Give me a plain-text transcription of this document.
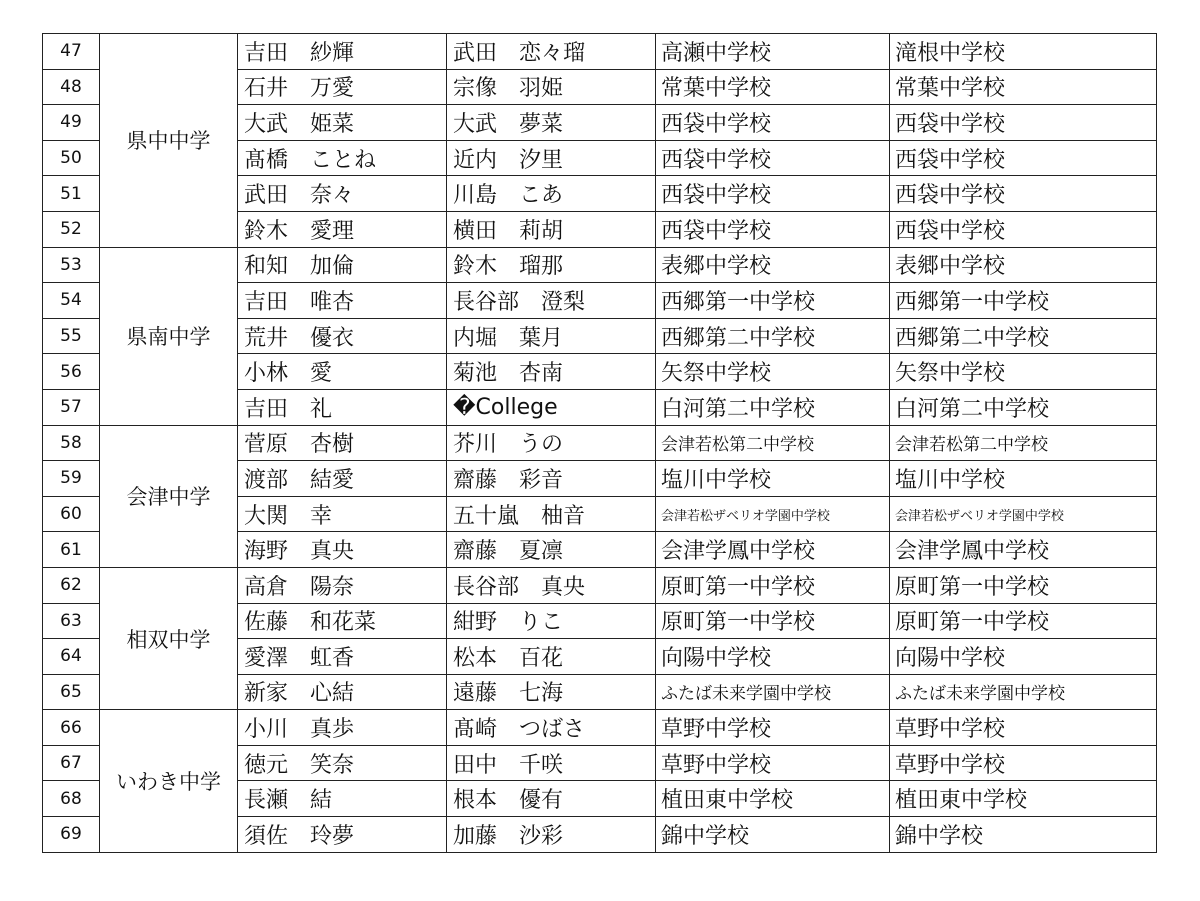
47	県中中学	吉田　紗輝	武田　恋々瑠	高瀬中学校	滝根中学校
48		石井　万愛	宗像　羽姫	常葉中学校	常葉中学校
49		大武　姫菜	大武　夢菜	西袋中学校	西袋中学校
50		髙橋　ことね	近内　汐里	西袋中学校	西袋中学校
51		武田　奈々	川島　こあ	西袋中学校	西袋中学校
52		鈴木　愛理	横田　莉胡	西袋中学校	西袋中学校
53	県南中学	和知　加倫	鈴木　瑠那	表郷中学校	表郷中学校
54		吉田　唯杏	長谷部　澄梨	西郷第一中学校	西郷第一中学校
55		荒井　優衣	内堀　葉月	西郷第二中学校	西郷第二中学校
56		小林　愛	菊池　杏南	矢祭中学校	矢祭中学校
57		吉田　礼	�College	白河第二中学校	白河第二中学校
58	会津中学	菅原　杏樹	芥川　うの	会津若松第二中学校	会津若松第二中学校
59		渡部　結愛	齋藤　彩音	塩川中学校	塩川中学校
60		大関　幸	五十嵐　柚音	会津若松ザベリオ学園中学校	会津若松ザベリオ学園中学校
61		海野　真央	齋藤　夏凛	会津学鳳中学校	会津学鳳中学校
62	相双中学	高倉　陽奈	長谷部　真央	原町第一中学校	原町第一中学校
63		佐藤　和花菜	紺野　りこ	原町第一中学校	原町第一中学校
64		愛澤　虹香	松本　百花	向陽中学校	向陽中学校
65		新家　心結	遠藤　七海	ふたば未来学園中学校	ふたば未来学園中学校
66	いわき中学	小川　真歩	髙崎　つばさ	草野中学校	草野中学校
67		徳元　笑奈	田中　千咲	草野中学校	草野中学校
68		長瀬　結	根本　優有	植田東中学校	植田東中学校
69		須佐　玲夢	加藤　沙彩	錦中学校	錦中学校
